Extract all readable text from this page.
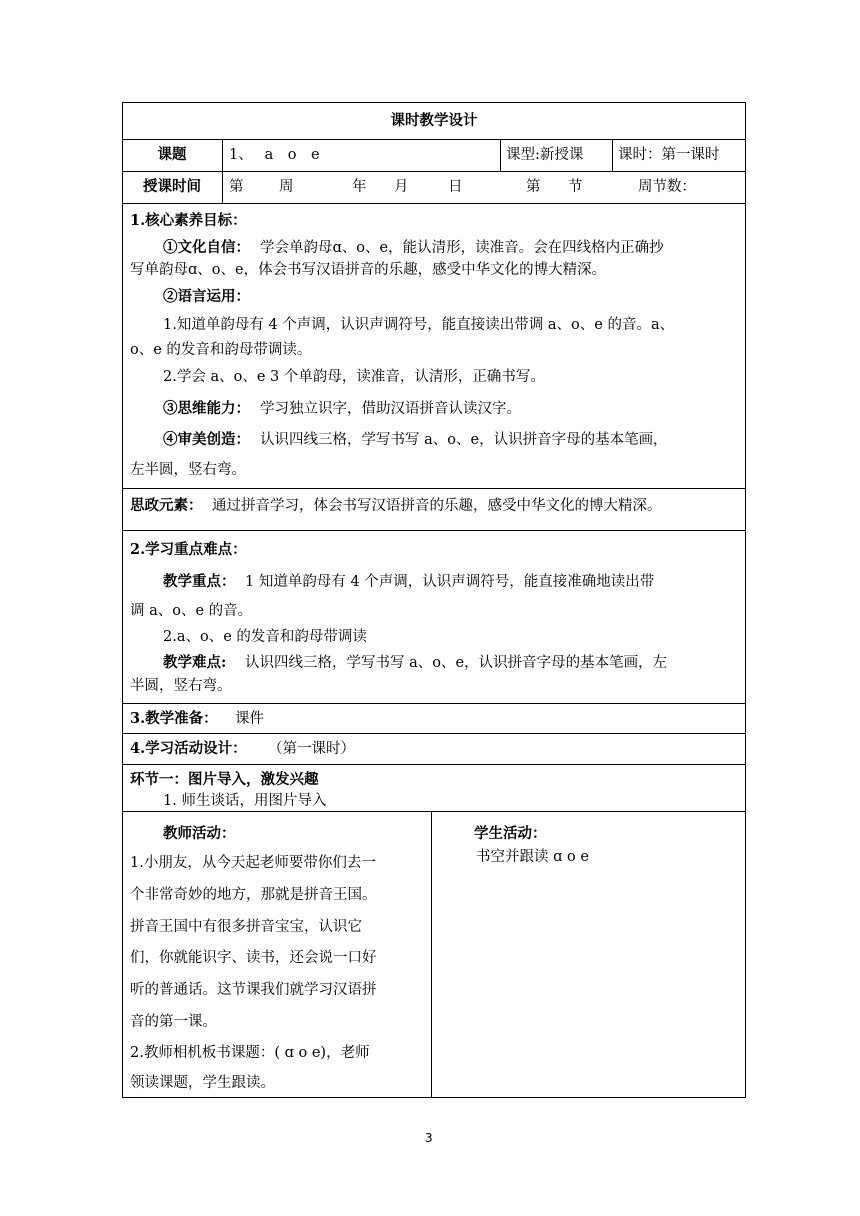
课时教学设计
课题	1、　 a　o　e	课型:新授课 课时：第一课时
授课时间	第 周	年 月	日	第 节	周节数：
1.核心素养目标：
①文化自信： 学会单韵母ɑ、o、e，能认清形，读准音。会在四线格内正确抄
写单韵母ɑ、o、e，体会书写汉语拼音的乐趣，感受中华文化的博大精深。
②语言运用：
1.知道单韵母有 4 个声调，认识声调符号，能直接读出带调 a、o、e 的音。a、
o、e 的发音和韵母带调读。
2.学会 a、o、e 3 个单韵母，读准音，认清形，正确书写。
③思维能力： 学习独立识字，借助汉语拼音认读汉字。
④审美创造： 认识四线三格，学写书写 a、o、e，认识拼音字母的基本笔画，
左半圆，竖右弯。
思政元素： 通过拼音学习，体会书写汉语拼音的乐趣，感受中华文化的博大精深。
2.学习重点难点：
教学重点： 1 知道单韵母有 4 个声调，认识声调符号，能直接准确地读出带
调 a、o、e 的音。
2.a、o、e 的发音和韵母带调读
教学难点: 认识四线三格，学写书写 a、o、e，认识拼音字母的基本笔画，左
半圆，竖右弯。
3.教学准备： 课件
4.学习活动设计： （第一课时）
环节一：图片导入，激发兴趣
1. 师生谈话，用图片导入
教师活动：
1.小朋友，从今天起老师要带你们去一
个非常奇妙的地方，那就是拼音王国。
拼音王国中有很多拼音宝宝，认识它
们，你就能识字、读书，还会说一口好
听的普通话。这节课我们就学习汉语拼
音的第一课。
2.教师相机板书课题：( ɑ o e)，老师
领读课题，学生跟读。
学生活动：
书空并跟读 ɑ o e
3
